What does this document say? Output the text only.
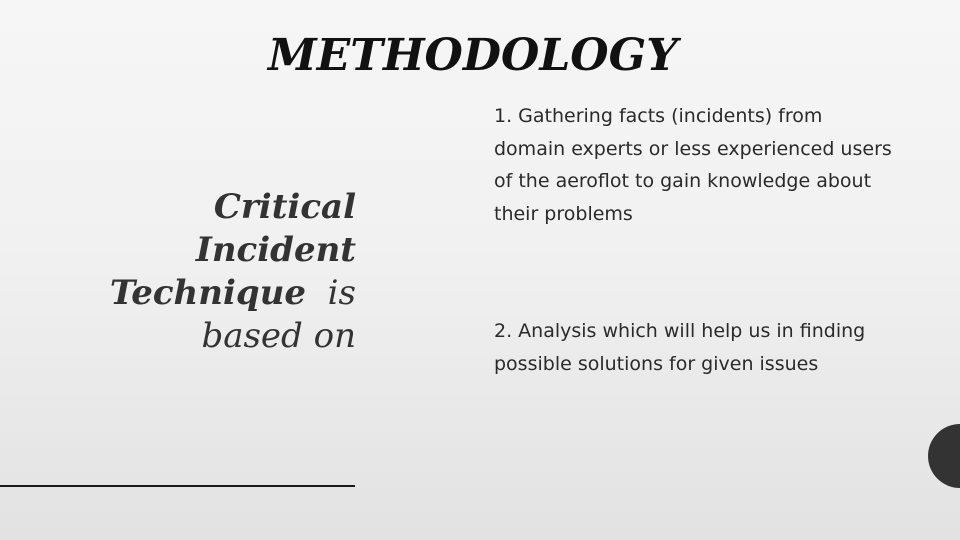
METHODOLOGY
Critical
Incident
Technique is
based on

1. Gathering facts (incidents) from domain experts or less experienced users of the aeroflot to gain knowledge about their problems

2. Analysis which will help us in finding possible solutions for given issues
